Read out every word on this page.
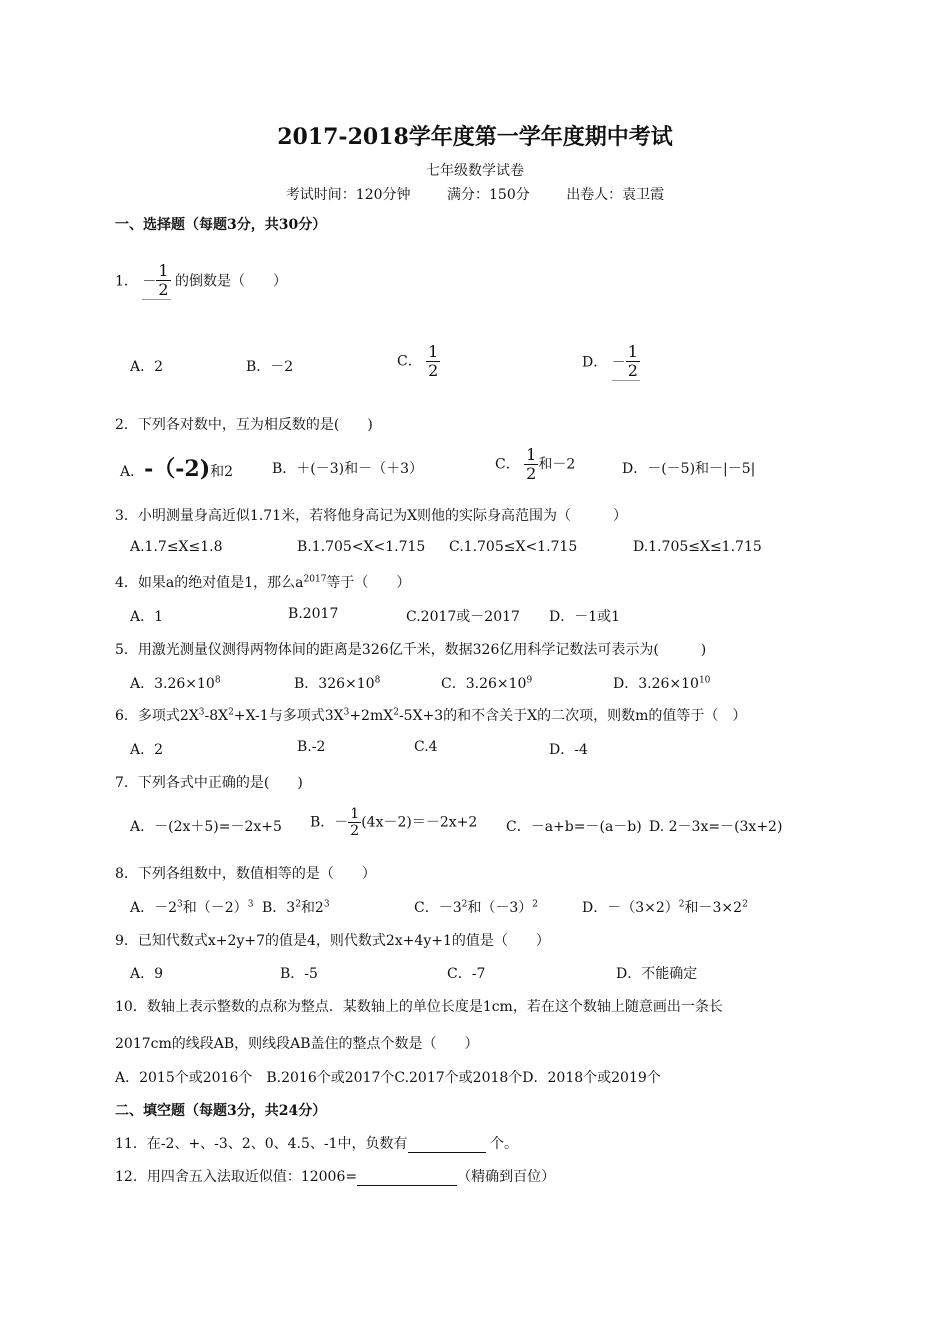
2017-2018学年度第一学年度期中考试
七年级数学试卷
考试时间：120分钟	满分：150分	出卷人：袁卫霞
一、选择题（每题3分，共30分）
1． － $\frac{1}{2}$ 的倒数是（　　）
A．2	B．－2	C． $\frac{1}{2}$	D． － $\frac{1}{2}$
2．下列各对数中，互为相反数的是(　　)
A．-（-2)和2	B．＋(－3)和－（＋3）	C． $\frac{1}{2}$ 和－2	D．－(－5)和－|－5|
3．小明测量身高近似1.71米，若将他身高记为X则他的实际身高范围为（　　　）
A.1.7≤X≤1.8	B.1.705<X<1.715 C.1.705≤X<1.715	D.1.705≤X≤1.715
4．如果a的绝对值是1，那么$a^{2017}$等于（　　）
A．1	B.2017	C.2017或－2017 D．－1或1
5．用激光测量仪测得两物体间的距离是326亿千米，数据326亿用科学记数法可表示为(　　　)
A．$3.26\times 10^8$	B．$326\times 10^8$	C．$3.26\times 10^9$	D．$3.26\times 10^{10}$
6．多项式$2X^3-8X^2+X-1$与多项式$3X^3+2mX^2-5X+3$的和不含关于X的二次项，则数m的值等于（　）
A．2	B.-2	C.4	D．-4
7．下列各式中正确的是(　　)
A．－(2x＋5)=－2x+5 B．－ $\frac{1}{2} (4x-2)=-2x+2$ C．－a+b=－(a－b) D. 2－3x=－(3x+2)
8．下列各组数中，数值相等的是（　　）
A．$-2^3$和$(-2)^3$ B．$3^2$和$2^3$	C．$-3^2$和$(-3)^2$	D．$-(3\times 2)^2$和$-3\times 2^2$
9．已知代数式x+2y+7的值是4，则代数式2x+4y+1的值是（　　）
A．9	B．-5	C．-7	D．不能确定
10．数轴上表示整数的点称为整点．某数轴上的单位长度是1cm，若在这个数轴上随意画出一条长
2017cm的线段AB，则线段AB盖住的整点个数是（　　）
A．2015个或2016个　B.2016个或2017个C.2017个或2018个D．2018个或2019个
二、填空题（每题3分，共24分）
11．在-2、+、-3、2、0、4.5、-1中，负数有	个。
12．用四舍五入法取近似值：12006=	（精确到百位）
